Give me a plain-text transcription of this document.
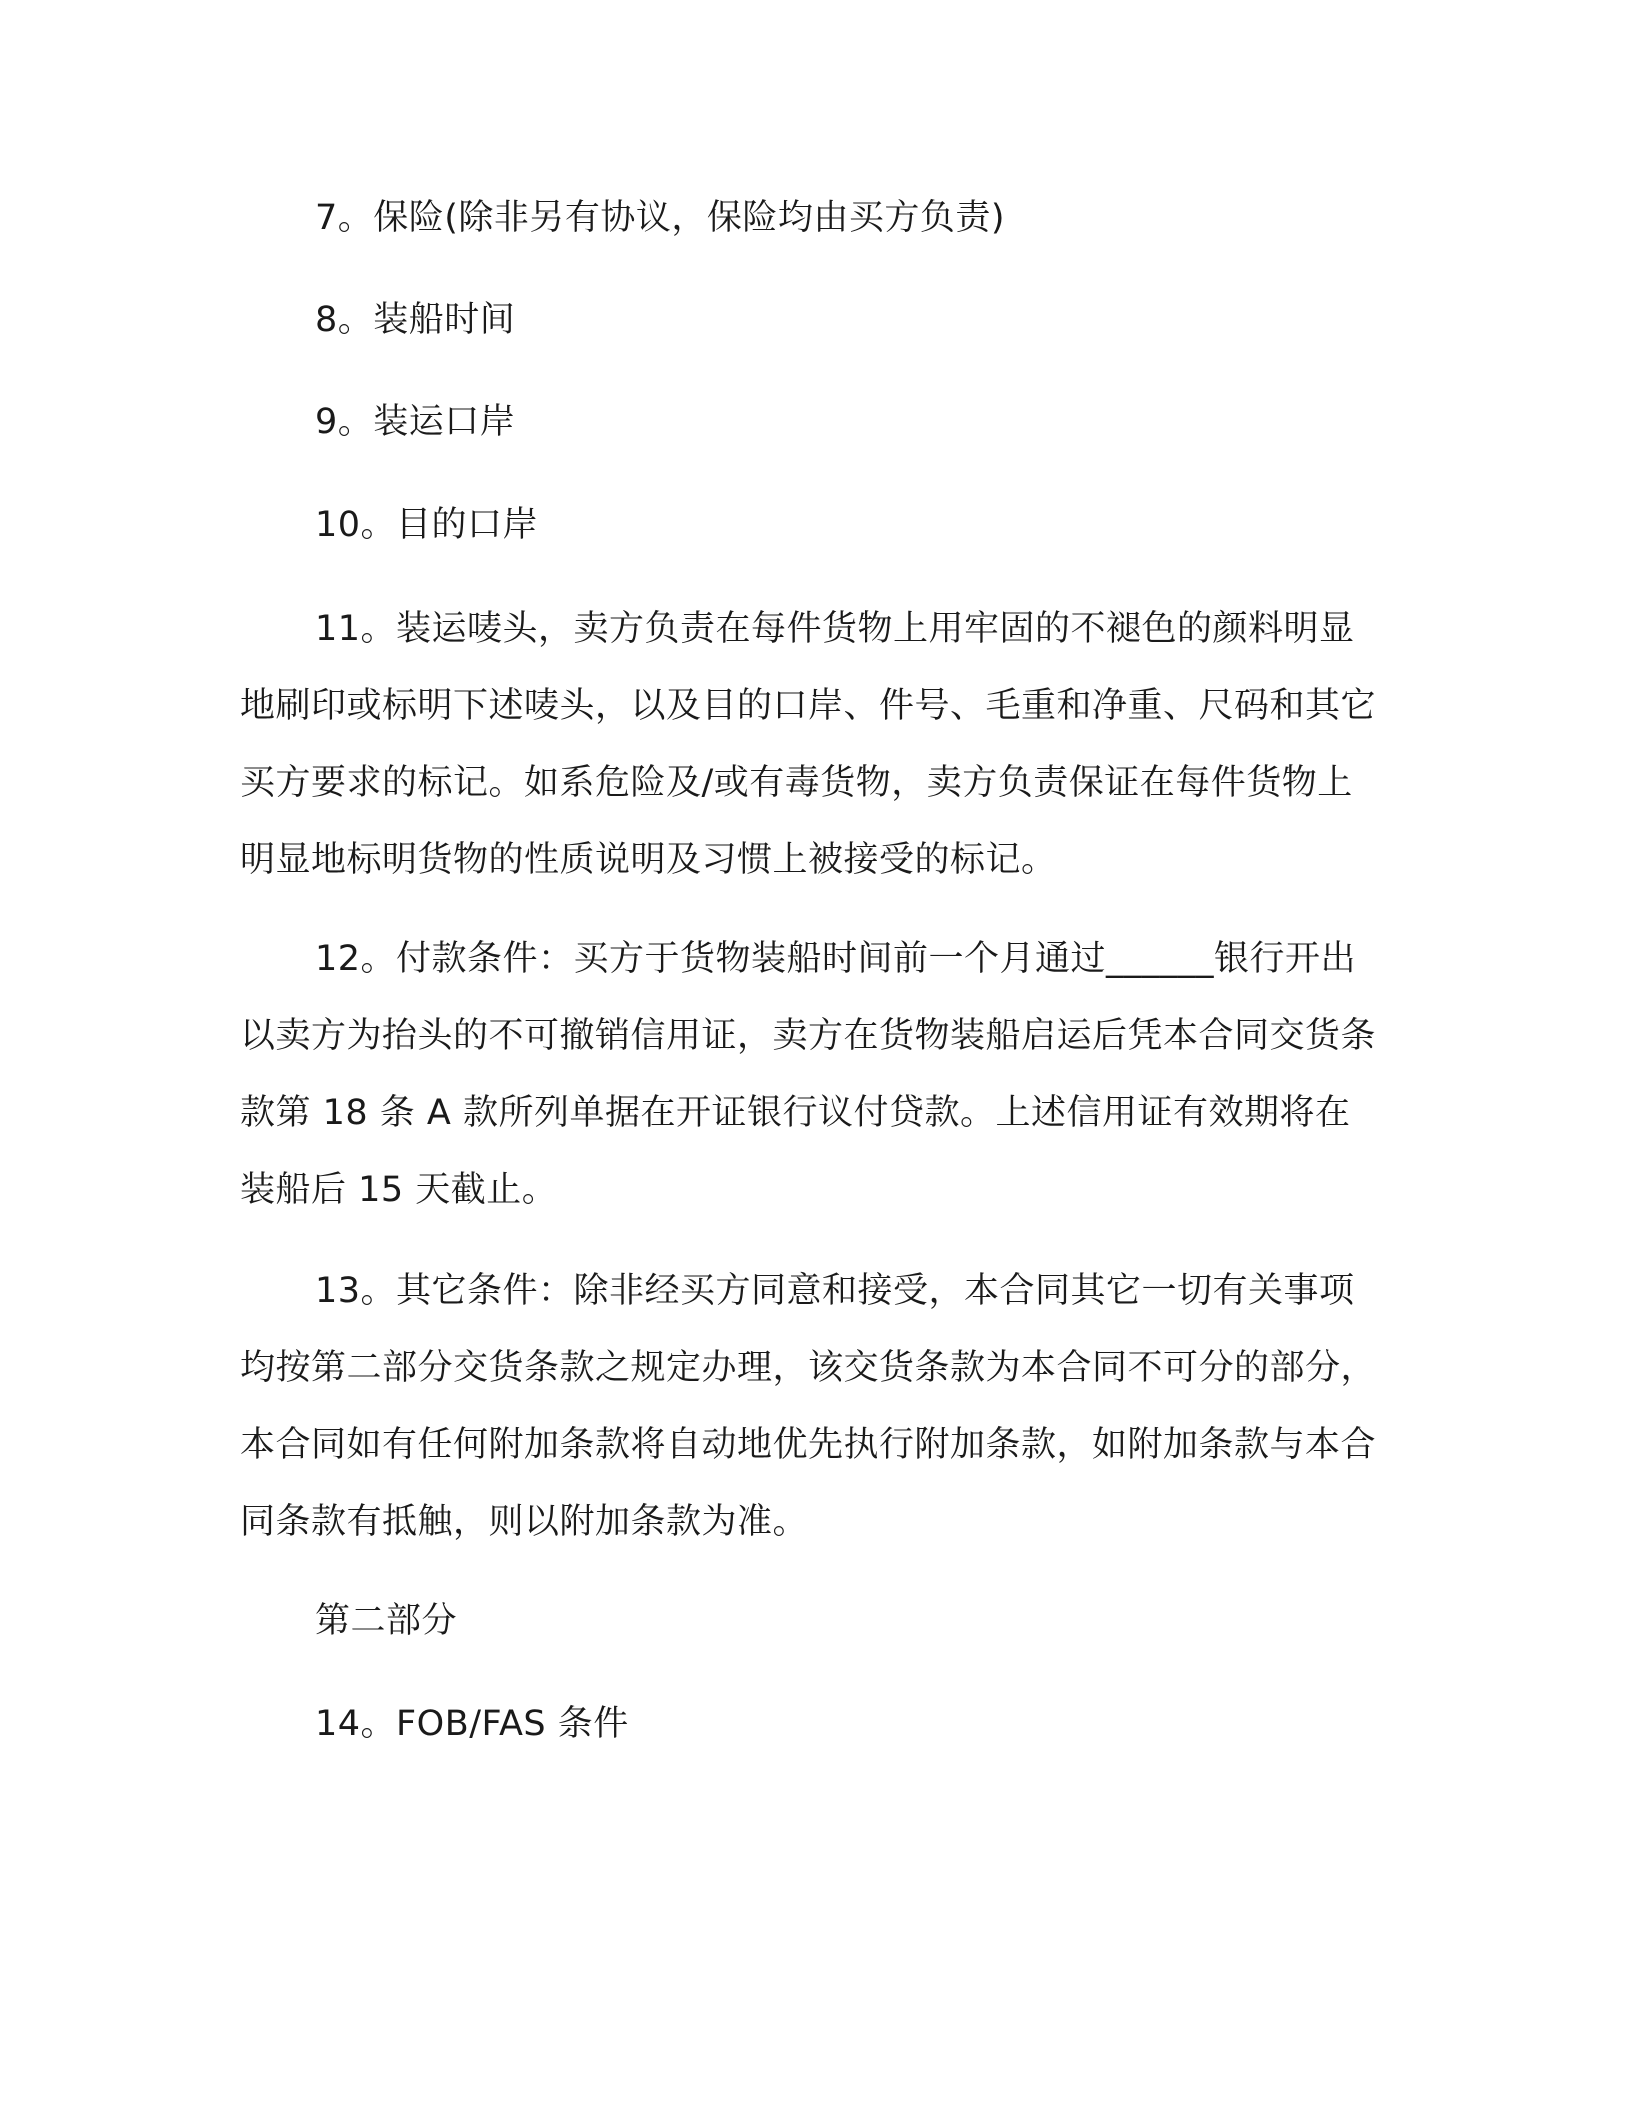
7。保险(除非另有协议，保险均由买方负责)

8。装船时间

9。装运口岸

10。目的口岸

11。装运唛头，卖方负责在每件货物上用牢固的不褪色的颜料明显地刷印或标明下述唛头，以及目的口岸、件号、毛重和净重、尺码和其它买方要求的标记。如系危险及/或有毒货物，卖方负责保证在每件货物上明显地标明货物的性质说明及习惯上被接受的标记。

12。付款条件：买方于货物装船时间前一个月通过______银行开出以卖方为抬头的不可撤销信用证，卖方在货物装船启运后凭本合同交货条款第 18 条 A 款所列单据在开证银行议付贷款。上述信用证有效期将在装船后 15 天截止。

13。其它条件：除非经买方同意和接受，本合同其它一切有关事项均按第二部分交货条款之规定办理，该交货条款为本合同不可分的部分，本合同如有任何附加条款将自动地优先执行附加条款，如附加条款与本合同条款有抵触，则以附加条款为准。

第二部分

14。FOB/FAS 条件
